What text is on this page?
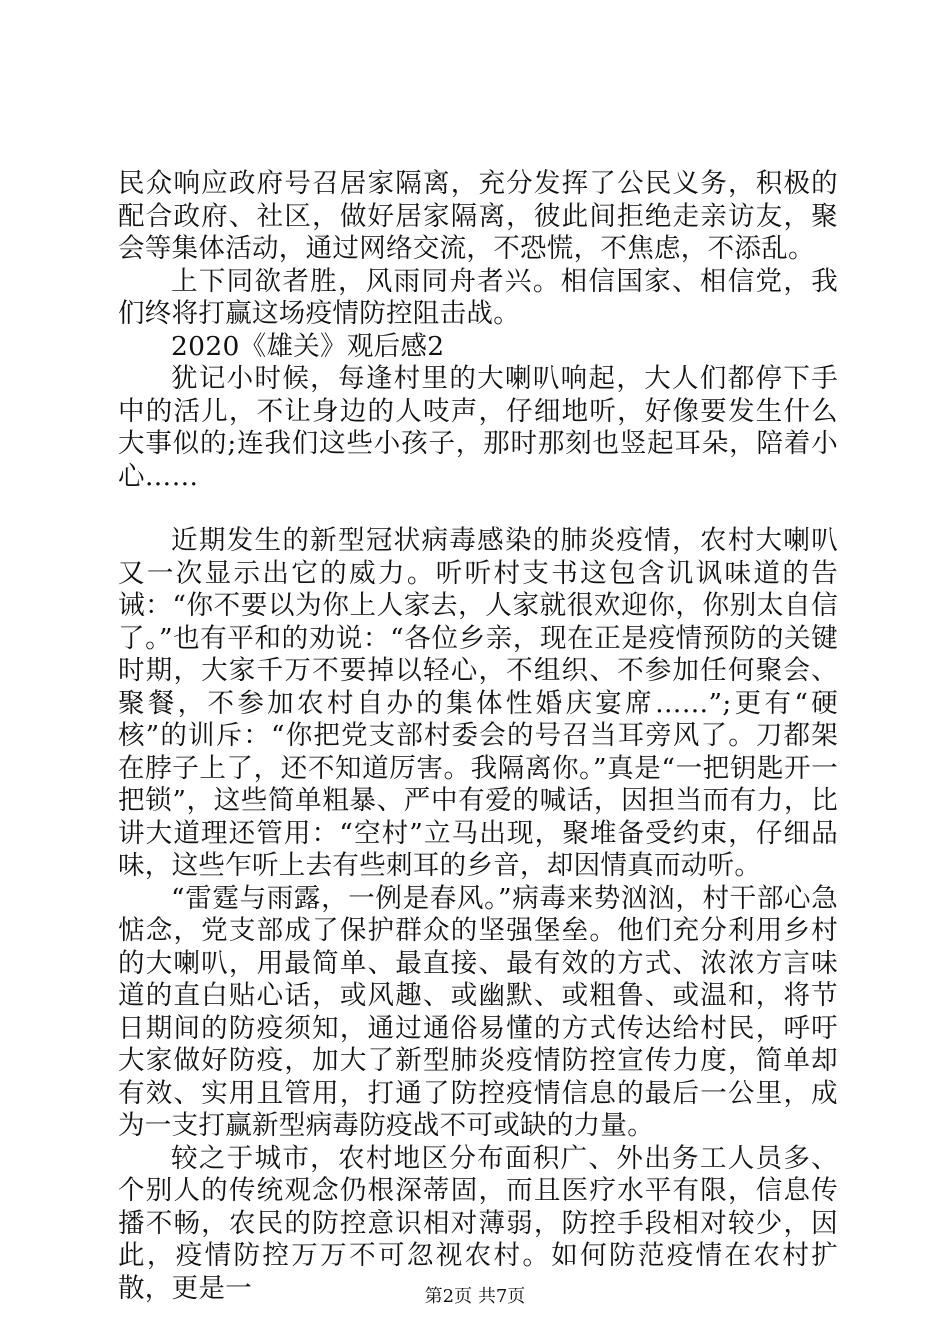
民众响应政府号召居家隔离，充分发挥了公民义务，积极的配合政府、社区，做好居家隔离，彼此间拒绝走亲访友，聚会等集体活动，通过网络交流，不恐慌，不焦虑，不添乱。

上下同欲者胜，风雨同舟者兴。相信国家、相信党，我们终将打赢这场疫情防控阻击战。

2020《雄关》观后感2

犹记小时候，每逢村里的大喇叭响起，大人们都停下手中的活儿，不让身边的人吱声，仔细地听，好像要发生什么大事似的;连我们这些小孩子，那时那刻也竖起耳朵，陪着小心……

近期发生的新型冠状病毒感染的肺炎疫情，农村大喇叭又一次显示出它的威力。听听村支书这包含讥讽味道的告诫：“你不要以为你上人家去，人家就很欢迎你，你别太自信了。”也有平和的劝说：“各位乡亲，现在正是疫情预防的关键时期，大家千万不要掉以轻心，不组织、不参加任何聚会、聚餐，不参加农村自办的集体性婚庆宴席……”;更有“硬核”的训斥：“你把党支部村委会的号召当耳旁风了。刀都架在脖子上了，还不知道厉害。我隔离你。”真是“一把钥匙开一把锁”，这些简单粗暴、严中有爱的喊话，因担当而有力，比讲大道理还管用：“空村”立马出现，聚堆备受约束，仔细品味，这些乍听上去有些刺耳的乡音，却因情真而动听。

“雷霆与雨露，一例是春风。”病毒来势汹汹，村干部心急惦念，党支部成了保护群众的坚强堡垒。他们充分利用乡村的大喇叭，用最简单、最直接、最有效的方式、浓浓方言味道的直白贴心话，或风趣、或幽默、或粗鲁、或温和，将节日期间的防疫须知，通过通俗易懂的方式传达给村民，呼吁大家做好防疫，加大了新型肺炎疫情防控宣传力度，简单却有效、实用且管用，打通了防控疫情信息的最后一公里，成为一支打赢新型病毒防疫战不可或缺的力量。

较之于城市，农村地区分布面积广、外出务工人员多、个别人的传统观念仍根深蒂固，而且医疗水平有限，信息传播不畅，农民的防控意识相对薄弱，防控手段相对较少，因此，疫情防控万万不可忽视农村。如何防范疫情在农村扩散，更是一	第2页 共7页
